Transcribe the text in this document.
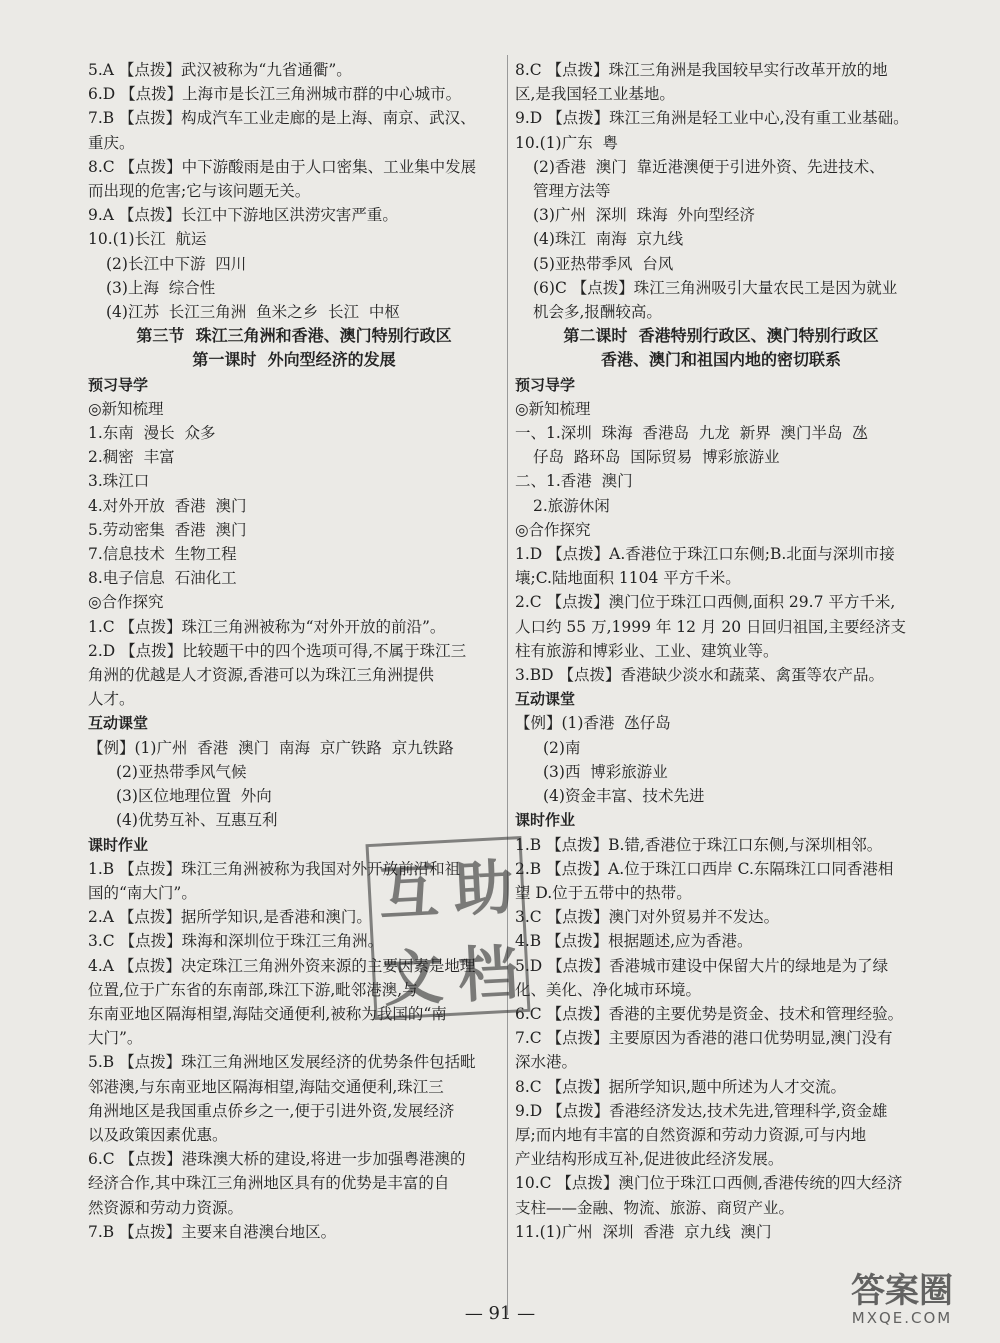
5.A 【点拨】武汉被称为“九省通衢”。
6.D 【点拨】上海市是长江三角洲城市群的中心城市。
7.B 【点拨】构成汽车工业走廊的是上海、南京、武汉、
重庆。
8.C 【点拨】中下游酸雨是由于人口密集、工业集中发展
而出现的危害;它与该问题无关。
9.A 【点拨】长江中下游地区洪涝灾害严重。
10.(1)长江  航运
(2)长江中下游  四川
(3)上海  综合性
(4)江苏  长江三角洲  鱼米之乡  长江  中枢
第三节  珠江三角洲和香港、澳门特别行政区
第一课时  外向型经济的发展
预习导学
◎新知梳理
1.东南  漫长  众多
2.稠密  丰富
3.珠江口
4.对外开放  香港  澳门
5.劳动密集  香港  澳门
7.信息技术  生物工程
8.电子信息  石油化工
◎合作探究
1.C 【点拨】珠江三角洲被称为“对外开放的前沿”。
2.D 【点拨】比较题干中的四个选项可得,不属于珠江三
角洲的优越是人才资源,香港可以为珠江三角洲提供
人才。
互动课堂
【例】(1)广州  香港  澳门  南海  京广铁路  京九铁路
(2)亚热带季风气候
(3)区位地理位置  外向
(4)优势互补、互惠互利
课时作业
1.B 【点拨】珠江三角洲被称为我国对外开放前沿和祖
国的“南大门”。
2.A 【点拨】据所学知识,是香港和澳门。
3.C 【点拨】珠海和深圳位于珠江三角洲。
4.A 【点拨】决定珠江三角洲外资来源的主要因素是地理
位置,位于广东省的东南部,珠江下游,毗邻港澳,与
东南亚地区隔海相望,海陆交通便利,被称为我国的“南
大门”。
5.B 【点拨】珠江三角洲地区发展经济的优势条件包括毗
邻港澳,与东南亚地区隔海相望,海陆交通便利,珠江三
角洲地区是我国重点侨乡之一,便于引进外资,发展经济
以及政策因素优惠。
6.C 【点拨】港珠澳大桥的建设,将进一步加强粤港澳的
经济合作,其中珠江三角洲地区具有的优势是丰富的自
然资源和劳动力资源。
7.B 【点拨】主要来自港澳台地区。
8.C 【点拨】珠江三角洲是我国较早实行改革开放的地
区,是我国轻工业基地。
9.D 【点拨】珠江三角洲是轻工业中心,没有重工业基础。
10.(1)广东  粤
(2)香港  澳门  靠近港澳便于引进外资、先进技术、
管理方法等
(3)广州  深圳  珠海  外向型经济
(4)珠江  南海  京九线
(5)亚热带季风  台风
(6)C 【点拨】珠江三角洲吸引大量农民工是因为就业
机会多,报酬较高。
第二课时  香港特别行政区、澳门特别行政区
香港、澳门和祖国内地的密切联系
预习导学
◎新知梳理
一、1.深圳  珠海  香港岛  九龙  新界  澳门半岛  氹
仔岛  路环岛  国际贸易  博彩旅游业
二、1.香港  澳门
2.旅游休闲
◎合作探究
1.D 【点拨】A.香港位于珠江口东侧;B.北面与深圳市接
壤;C.陆地面积 1104 平方千米。
2.C 【点拨】澳门位于珠江口西侧,面积 29.7 平方千米,
人口约 55 万,1999 年 12 月 20 日回归祖国,主要经济支
柱有旅游和博彩业、工业、建筑业等。
3.BD 【点拨】香港缺少淡水和蔬菜、禽蛋等农产品。
互动课堂
【例】(1)香港  氹仔岛
(2)南
(3)西  博彩旅游业
(4)资金丰富、技术先进
课时作业
1.B 【点拨】B.错,香港位于珠江口东侧,与深圳相邻。
2.B 【点拨】A.位于珠江口西岸 C.东隔珠江口同香港相
望 D.位于五带中的热带。
3.C 【点拨】澳门对外贸易并不发达。
4.B 【点拨】根据题述,应为香港。
5.D 【点拨】香港城市建设中保留大片的绿地是为了绿
化、美化、净化城市环境。
6.C 【点拨】香港的主要优势是资金、技术和管理经验。
7.C 【点拨】主要原因为香港的港口优势明显,澳门没有
深水港。
8.C 【点拨】据所学知识,题中所述为人才交流。
9.D 【点拨】香港经济发达,技术先进,管理科学,资金雄
厚;而内地有丰富的自然资源和劳动力资源,可与内地
产业结构形成互补,促进彼此经济发展。
10.C 【点拨】澳门位于珠江口西侧,香港传统的四大经济
支柱——金融、物流、旅游、商贸产业。
11.(1)广州  深圳  香港  京九线  澳门
互 助
文 档
— 91 —
答案圈
MXQE.COM
